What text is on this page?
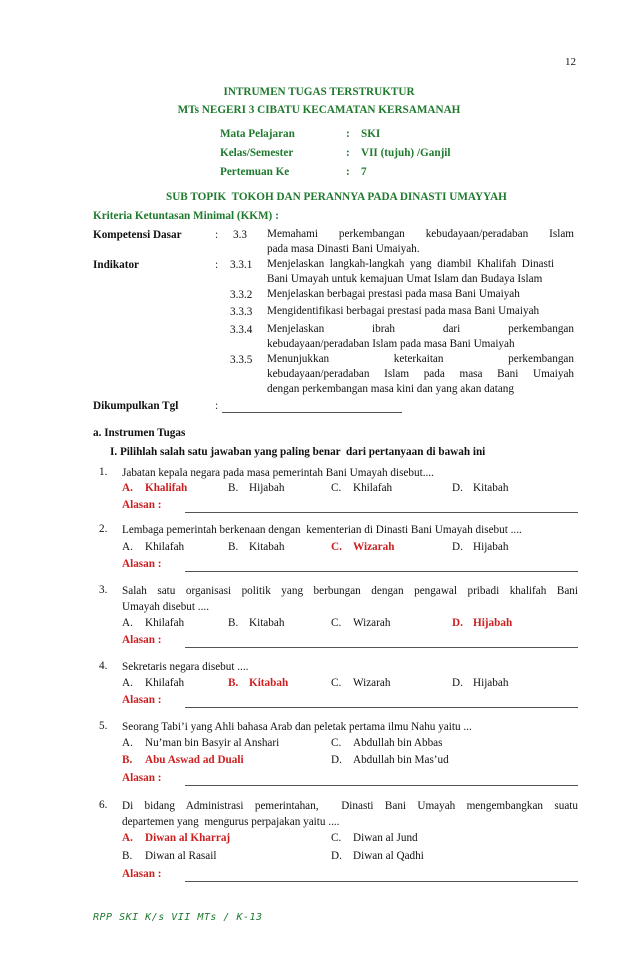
12
INTRUMEN TUGAS TERSTRUKTUR
MTs NEGERI 3 CIBATU KECAMATAN KERSAMANAH
Mata Pelajaran	: SKI
Kelas/Semester	: VII (tujuh) /Ganjil
Pertemuan Ke	: 7
SUB TOPIK  TOKOH DAN PERANNYA PADA DINASTI UMAYYAH
Kriteria Ketuntasan Minimal (KKM) :
Kompetensi Dasar	: 3.3 Memahami   perkembangan   kebudayaan/peradaban   Islam
pada masa Dinasti Bani Umaiyah.
Indikator	: 3.3.1 Menjelaskan  langkah-langkah  yang  diambil  Khalifah  Dinasti
Bani Umayah untuk kemajuan Umat Islam dan Budaya Islam
3.3.2 Menjelaskan berbagai prestasi pada masa Bani Umaiyah
3.3.3 Mengidentifikasi berbagai prestasi pada masa Bani Umaiyah
3.3.4 Menjelaskan    ibrah    dari    perkembangan
kebudayaan/peradaban Islam pada masa Bani Umaiyah
3.3.5 Menunjukkan    keterkaitan    perkembangan
kebudayaan/peradaban  Islam  pada  masa  Bani  Umaiyah
dengan perkembangan masa kini dan yang akan datang
Dikumpulkan Tgl	:
a. Instrumen Tugas
I. Pilihlah salah satu jawaban yang paling benar  dari pertanyaan di bawah ini
1. Jabatan kepala negara pada masa pemerintah Bani Umayah disebut....
A. Khalifah	B. Hijabah	C. Khilafah	D. Kitabah
Alasan :
2. Lembaga pemerintah berkenaan dengan  kementerian di Dinasti Bani Umayah disebut ....
A. Khilafah	B. Kitabah	C. Wizarah	D. Hijabah
Alasan :
3. Salah  satu  organisasi  politik  yang  berbungan  dengan  pengawal  pribadi  khalifah  Bani
Umayah disebut ....
A. Khilafah	B. Kitabah	C. Wizarah	D. Hijabah
Alasan :
4. Sekretaris negara disebut ....
A. Khilafah	B. Kitabah	C. Wizarah	D. Hijabah
Alasan :
5. Seorang Tabi’i yang Ahli bahasa Arab dan peletak pertama ilmu Nahu yaitu ...
A. Nu’man bin Basyir al Anshari	C. Abdullah bin Abbas
B. Abu Aswad ad Duali	D. Abdullah bin Mas’ud
Alasan :
6. Di  bidang  Administrasi  pemerintahan,    Dinasti  Bani  Umayah  mengembangkan  suatu
departemen yang  mengurus perpajakan yaitu ....
A. Diwan al Kharraj	C. Diwan al Jund
B. Diwan al Rasail	D. Diwan al Qadhi
Alasan :
RPP SKI K/s VII MTs / K-13
